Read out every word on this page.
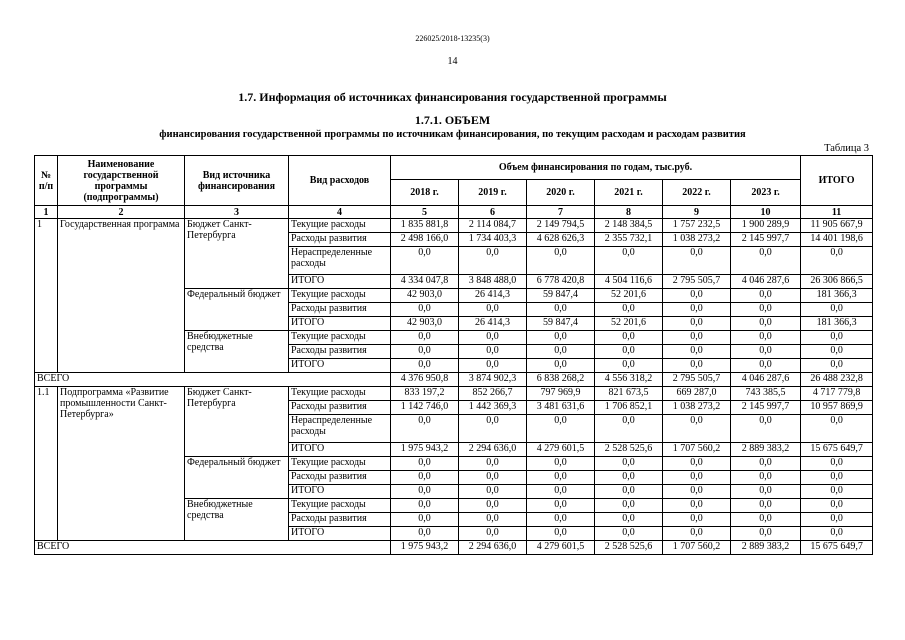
226025/2018-13235(3)
14
1.7. Информация об источниках финансирования государственной программы
1.7.1. ОБЪЕМ
финансирования государственной программы по источникам финансирования, по текущим расходам и расходам развития
Таблица 3
№ п/п	Наименование государственной программы (подпрограммы)	Вид источника финансирования	Вид расходов	Объем финансирования по годам, тыс.руб.						ИТОГО
				2018 г.	2019 г.	2020 г.	2021 г.	2022 г.	2023 г.	
1	2	3	4	5	6	7	8	9	10	11
1	Государственная программа	Бюджет Санкт-Петербурга	Текущие расходы	1 835 881,8	2 114 084,7	2 149 794,5	2 148 384,5	1 757 232,5	1 900 289,9	11 905 667,9
			Расходы развития	2 498 166,0	1 734 403,3	4 628 626,3	2 355 732,1	1 038 273,2	2 145 997,7	14 401 198,6
			Нераспределенные расходы	0,0	0,0	0,0	0,0	0,0	0,0	0,0
			ИТОГО	4 334 047,8	3 848 488,0	6 778 420,8	4 504 116,6	2 795 505,7	4 046 287,6	26 306 866,5
		Федеральный бюджет	Текущие расходы	42 903,0	26 414,3	59 847,4	52 201,6	0,0	0,0	181 366,3
			Расходы развития	0,0	0,0	0,0	0,0	0,0	0,0	0,0
			ИТОГО	42 903,0	26 414,3	59 847,4	52 201,6	0,0	0,0	181 366,3
		Внебюджетные средства	Текущие расходы	0,0	0,0	0,0	0,0	0,0	0,0	0,0
			Расходы развития	0,0	0,0	0,0	0,0	0,0	0,0	0,0
			ИТОГО	0,0	0,0	0,0	0,0	0,0	0,0	0,0
ВСЕГО				4 376 950,8	3 874 902,3	6 838 268,2	4 556 318,2	2 795 505,7	4 046 287,6	26 488 232,8
1.1	Подпрограмма «Развитие промышленности Санкт-Петербурга»	Бюджет Санкт-Петербурга	Текущие расходы	833 197,2	852 266,7	797 969,9	821 673,5	669 287,0	743 385,5	4 717 779,8
			Расходы развития	1 142 746,0	1 442 369,3	3 481 631,6	1 706 852,1	1 038 273,2	2 145 997,7	10 957 869,9
			Нераспределенные расходы	0,0	0,0	0,0	0,0	0,0	0,0	0,0
			ИТОГО	1 975 943,2	2 294 636,0	4 279 601,5	2 528 525,6	1 707 560,2	2 889 383,2	15 675 649,7
		Федеральный бюджет	Текущие расходы	0,0	0,0	0,0	0,0	0,0	0,0	0,0
			Расходы развития	0,0	0,0	0,0	0,0	0,0	0,0	0,0
			ИТОГО	0,0	0,0	0,0	0,0	0,0	0,0	0,0
		Внебюджетные средства	Текущие расходы	0,0	0,0	0,0	0,0	0,0	0,0	0,0
			Расходы развития	0,0	0,0	0,0	0,0	0,0	0,0	0,0
			ИТОГО	0,0	0,0	0,0	0,0	0,0	0,0	0,0
ВСЕГО				1 975 943,2	2 294 636,0	4 279 601,5	2 528 525,6	1 707 560,2	2 889 383,2	15 675 649,7
